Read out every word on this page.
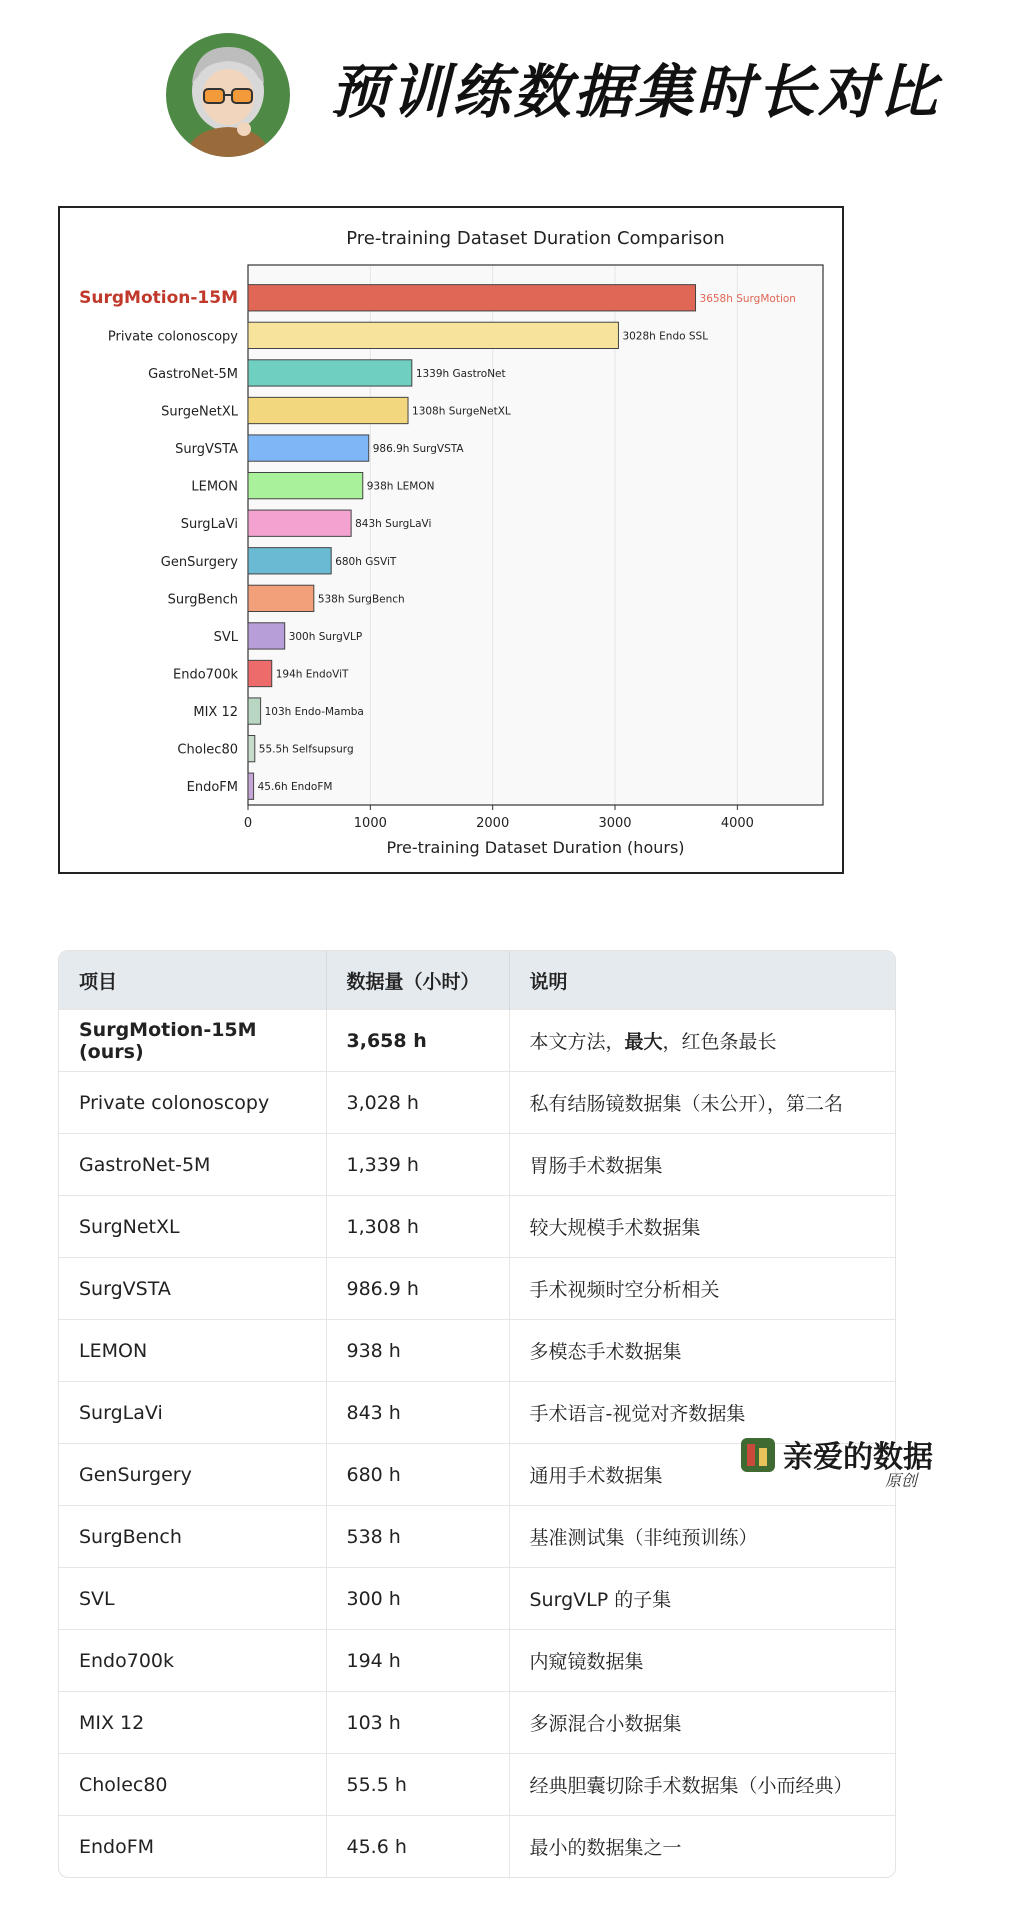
预训练数据集时长对比
0	1000	2000	3000	4000
SurgMotion-15M	3658h SurgMotion
Private colonoscopy	3028h Endo SSL
GastroNet-5M	1339h GastroNet
SurgeNetXL	1308h SurgeNetXL
SurgVSTA	986.9h SurgVSTA
LEMON	938h LEMON
SurgLaVi	843h SurgLaVi
GenSurgery	680h GSViT
SurgBench	538h SurgBench
SVL	300h SurgVLP
Endo700k	194h EndoViT
MIX 12	103h Endo-Mamba
Cholec80 55.5h Selfsupsurg
EndoFM 45.6h EndoFM
Pre-training Dataset Duration Comparison
Pre-training Dataset Duration (hours)
项目	数据量（小时）	说明
SurgMotion-15M (ours)	3,658 h	本文方法，最大，红色条最长
Private colonoscopy	3,028 h	私有结肠镜数据集（未公开），第二名
GastroNet-5M	1,339 h	胃肠手术数据集
SurgNetXL	1,308 h	较大规模手术数据集
SurgVSTA	986.9 h	手术视频时空分析相关
LEMON	938 h	多模态手术数据集
SurgLaVi	843 h	手术语言-视觉对齐数据集
GenSurgery	680 h	通用手术数据集
SurgBench	538 h	基准测试集（非纯预训练）
SVL	300 h	SurgVLP 的子集
Endo700k	194 h	内窥镜数据集
MIX 12	103 h	多源混合小数据集
Cholec80	55.5 h	经典胆囊切除手术数据集（小而经典）
EndoFM	45.6 h	最小的数据集之一
亲爱的数据
原创
